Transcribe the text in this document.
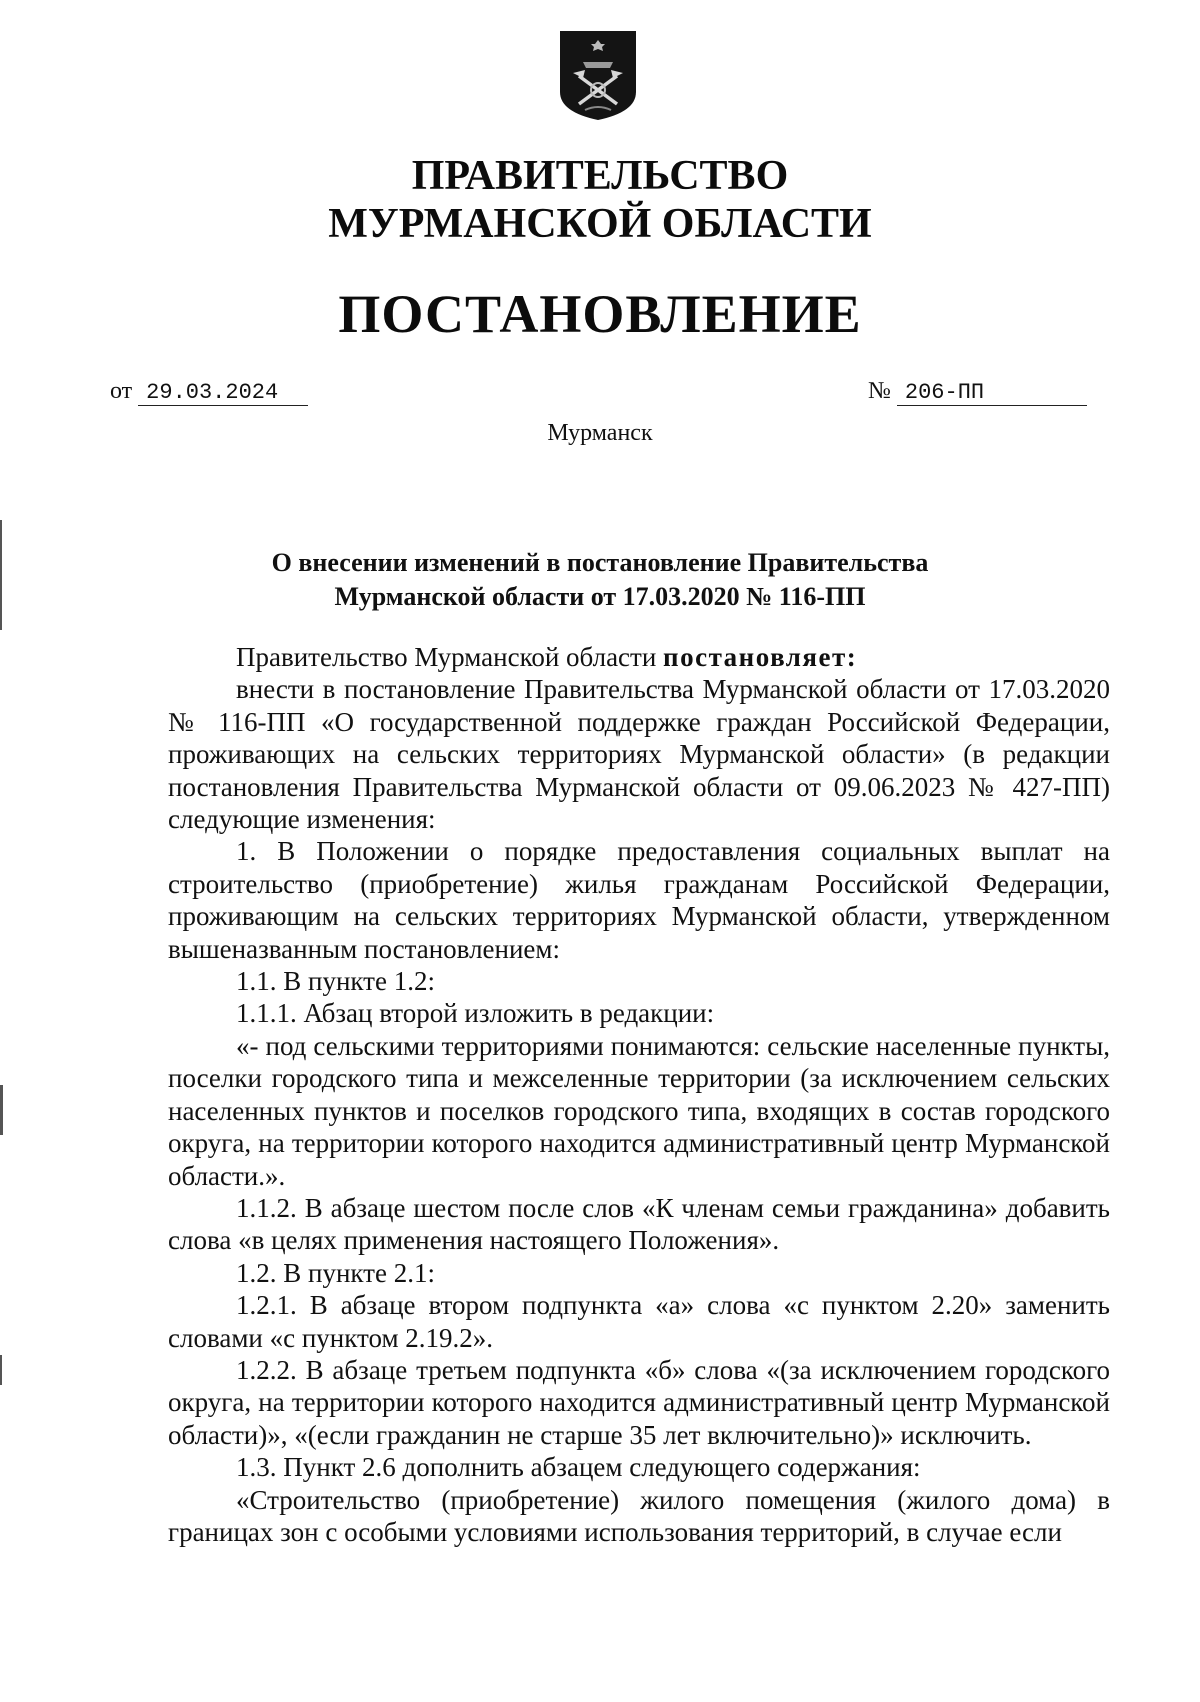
ПРАВИТЕЛЬСТВО
МУРМАНСКОЙ ОБЛАСТИ
ПОСТАНОВЛЕНИЕ
от 29.03.2024	№ 206-ПП
Мурманск
О внесении изменений в постановление Правительства
Мурманской области от 17.03.2020 № 116-ПП

Правительство Мурманской области постановляет:

внести в постановление Правительства Мурманской области от 17.03.2020 № 116-ПП «О государственной поддержке граждан Российской Федерации, проживающих на сельских территориях Мурманской области» (в редакции постановления Правительства Мурманской области от 09.06.2023 № 427-ПП) следующие изменения:

1. В Положении о порядке предоставления социальных выплат на строительство (приобретение) жилья гражданам Российской Федерации, проживающим на сельских территориях Мурманской области, утвержденном вышеназванным постановлением:

1.1. В пункте 1.2:

1.1.1. Абзац второй изложить в редакции:

«- под сельскими территориями понимаются: сельские населенные пункты, поселки городского типа и межселенные территории (за исключением сельских населенных пунктов и поселков городского типа, входящих в состав городского округа, на территории которого находится административный центр Мурманской области.».

1.1.2. В абзаце шестом после слов «К членам семьи гражданина» добавить слова «в целях применения настоящего Положения».

1.2. В пункте 2.1:

1.2.1. В абзаце втором подпункта «а» слова «с пунктом 2.20» заменить словами «с пунктом 2.19.2».

1.2.2. В абзаце третьем подпункта «б» слова «(за исключением городского округа, на территории которого находится административный центр Мурманской области)», «(если гражданин не старше 35 лет включительно)» исключить.

1.3. Пункт 2.6 дополнить абзацем следующего содержания:

«Строительство (приобретение) жилого помещения (жилого дома) в границах зон с особыми условиями использования территорий, в случае если
